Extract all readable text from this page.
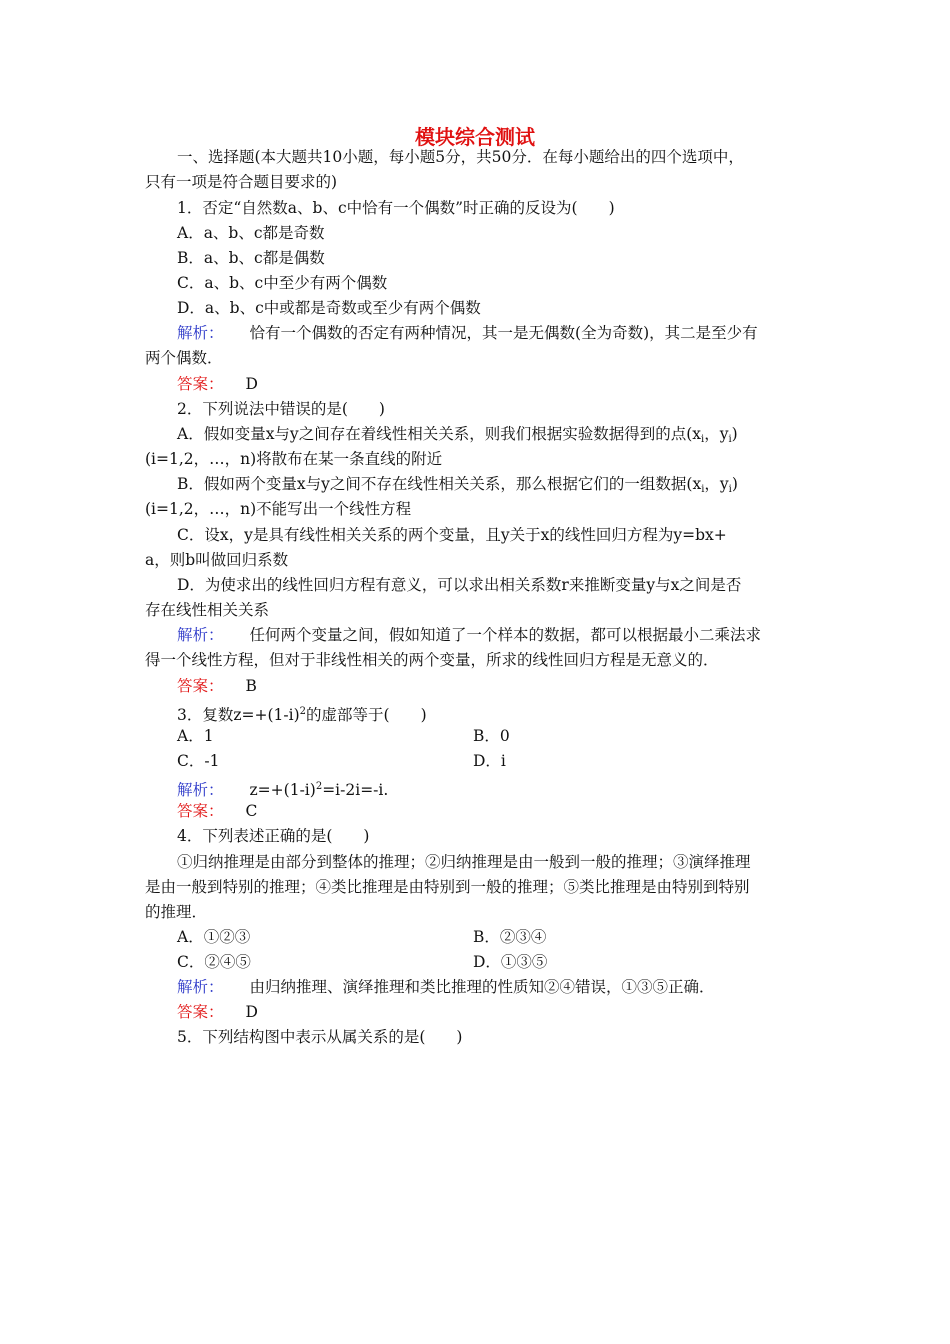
模块综合测试
一、选择题(本大题共10小题，每小题5分，共50分．在每小题给出的四个选项中，
只有一项是符合题目要求的)
1．否定“自然数a、b、c中恰有一个偶数”时正确的反设为(　　)
A．a、b、c都是奇数
B．a、b、c都是偶数
C．a、b、c中至少有两个偶数
D．a、b、c中或都是奇数或至少有两个偶数
解析： 恰有一个偶数的否定有两种情况，其一是无偶数(全为奇数)，其二是至少有
两个偶数．
答案： D
2．下列说法中错误的是(　　)
A．假如变量x与y之间存在着线性相关关系，则我们根据实验数据得到的点($x_i$，$y_i$)
(i=1,2，…，n)将散布在某一条直线的附近
B．假如两个变量x与y之间不存在线性相关关系，那么根据它们的一组数据($x_i$，$y_i$)
(i=1,2，…，n)不能写出一个线性方程
C．设x，y是具有线性相关关系的两个变量，且y关于x的线性回归方程为y=bx+
a，则b叫做回归系数
D．为使求出的线性回归方程有意义，可以求出相关系数r来推断变量y与x之间是否
存在线性相关关系
解析： 任何两个变量之间，假如知道了一个样本的数据，都可以根据最小二乘法求
得一个线性方程，但对于非线性相关的两个变量，所求的线性回归方程是无意义的．
答案： B
3．复数$z=+(1-i)^2$的虚部等于(　　)
A．1	B．0
C．-1	D．i
解析： $z=+(1-i)^2=i-2i=-i$.
答案： C
4．下列表述正确的是(　　)
①归纳推理是由部分到整体的推理；②归纳推理是由一般到一般的推理；③演绎推理
是由一般到特别的推理；④类比推理是由特别到一般的推理；⑤类比推理是由特别到特别
的推理．
A．①②③	B．②③④
C．②④⑤	D．①③⑤
解析： 由归纳推理、演绎推理和类比推理的性质知②④错误，①③⑤正确．
答案： D
5．下列结构图中表示从属关系的是(　　)
